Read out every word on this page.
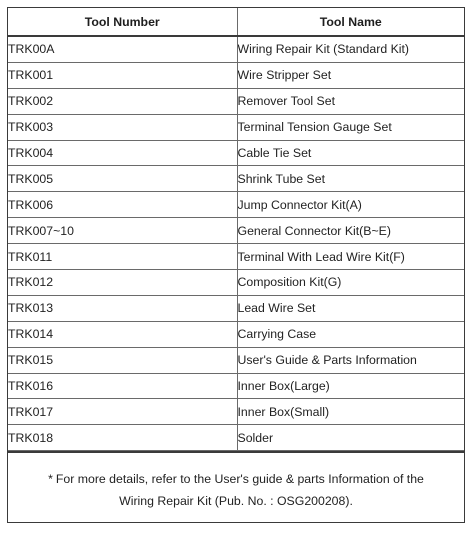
Tool Number	Tool Name
TRK00A	Wiring Repair Kit (Standard Kit)
TRK001	Wire Stripper Set
TRK002	Remover Tool Set
TRK003	Terminal Tension Gauge Set
TRK004	Cable Tie Set
TRK005	Shrink Tube Set
TRK006	Jump Connector Kit(A)
TRK007~10	General Connector Kit(B~E)
TRK011	Terminal With Lead Wire Kit(F)
TRK012	Composition Kit(G)
TRK013	Lead Wire Set
TRK014	Carrying Case
TRK015	User's Guide & Parts Information
TRK016	Inner Box(Large)
TRK017	Inner Box(Small)
TRK018	Solder
* For more details, refer to the User's guide & parts Information of the
Wiring Repair Kit (Pub. No. : OSG200208).
